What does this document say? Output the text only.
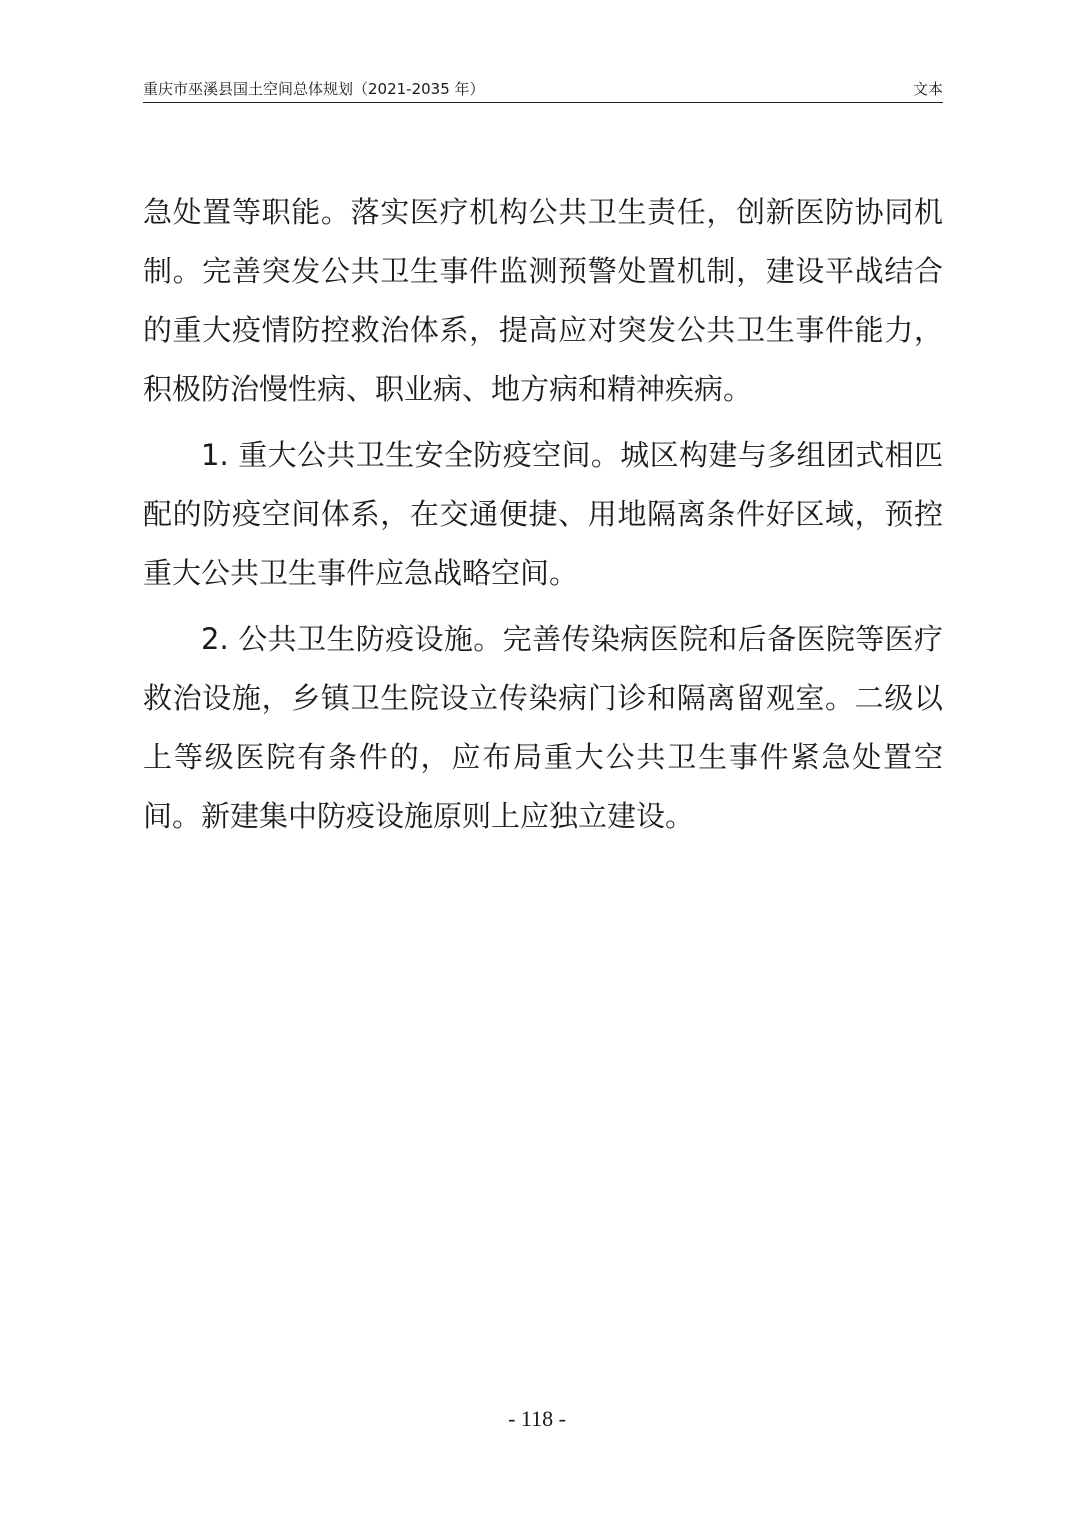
重庆市巫溪县国土空间总体规划（2021-2035 年）	文本

急处置等职能。落实医疗机构公共卫生责任，创新医防协同机制。完善突发公共卫生事件监测预警处置机制，建设平战结合的重大疫情防控救治体系，提高应对突发公共卫生事件能力，积极防治慢性病、职业病、地方病和精神疾病。

1. 重大公共卫生安全防疫空间。城区构建与多组团式相匹配的防疫空间体系，在交通便捷、用地隔离条件好区域，预控重大公共卫生事件应急战略空间。

2. 公共卫生防疫设施。完善传染病医院和后备医院等医疗救治设施，乡镇卫生院设立传染病门诊和隔离留观室。二级以上等级医院有条件的，应布局重大公共卫生事件紧急处置空间。新建集中防疫设施原则上应独立建设。

- 118 -
